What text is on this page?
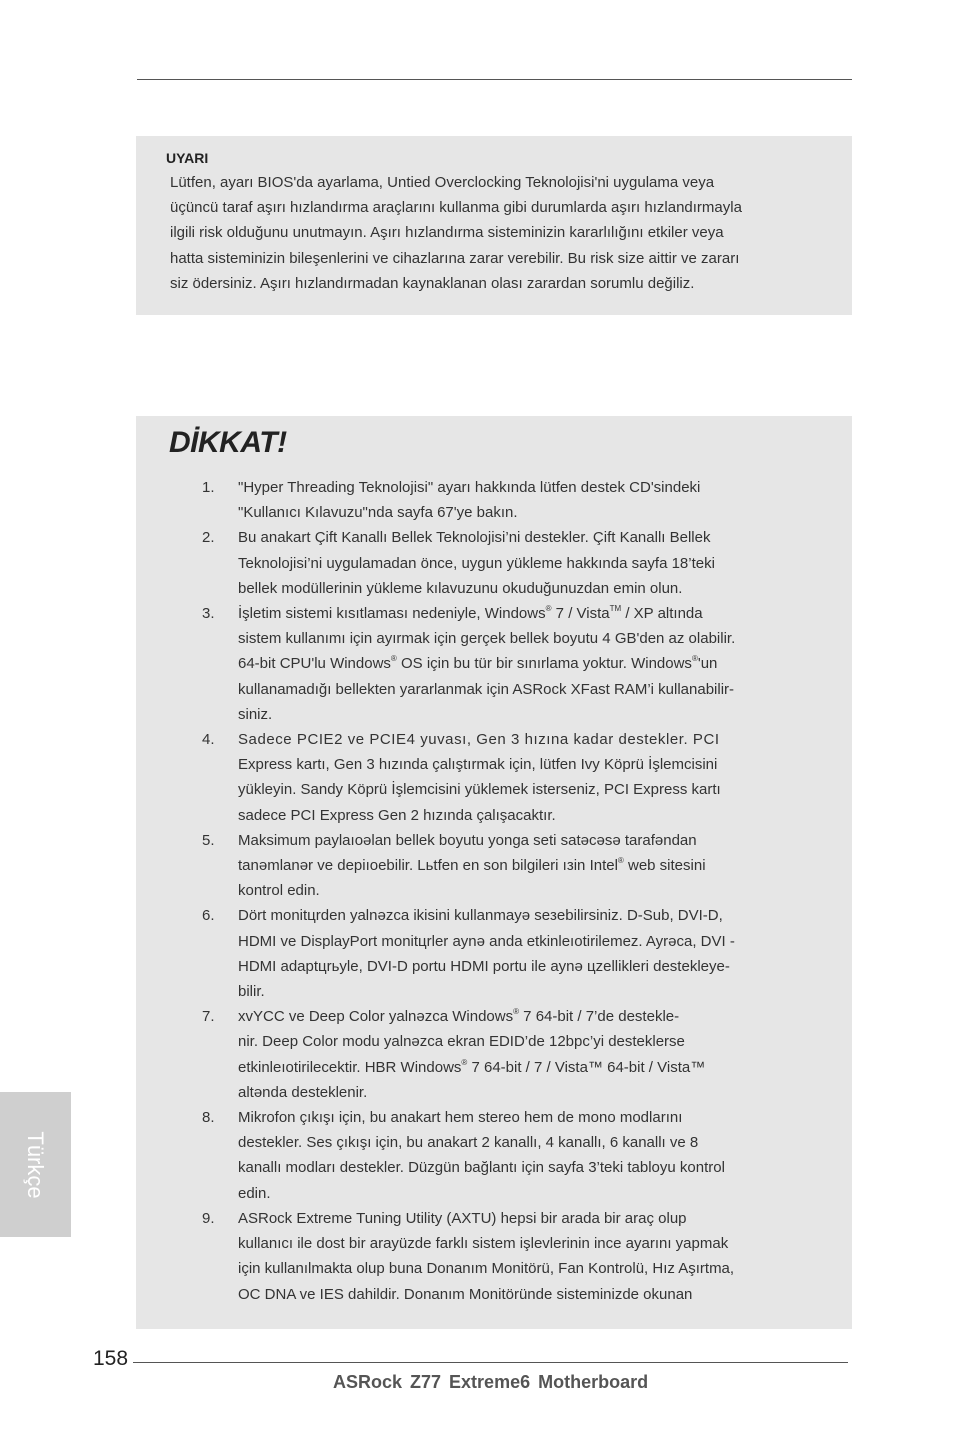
UYARI
Lütfen, ayarı BIOS'da ayarlama, Untied Overclocking Teknolojisi'ni uygulama veya
üçüncü taraf aşırı hızlandırma araçlarını kullanma gibi durumlarda aşırı hızlandırmayla
ilgili risk olduğunu unutmayın. Aşırı hızlandırma sisteminizin kararlılığını etkiler veya
hatta sisteminizin bileşenlerini ve cihazlarına zarar verebilir. Bu risk size aittir ve zararı
siz ödersiniz. Aşırı hızlandırmadan kaynaklanan olası zarardan sorumlu değiliz.
DİKKAT!
1. "Hyper Threading Teknolojisi" ayarı hakkında lütfen destek CD'sindeki
"Kullanıcı Kılavuzu"nda sayfa 67'ye bakın.
2. Bu anakart Çift Kanallı Bellek Teknolojisi’ni destekler. Çift Kanallı Bellek
Teknolojisi’ni uygulamadan önce, uygun yükleme hakkında sayfa 18’teki
bellek modüllerinin yükleme kılavuzunu okuduğunuzdan emin olun.
3. İşletim sistemi kısıtlaması nedeniyle, Windows® 7 / Vista™ / XP altında
sistem kullanımı için ayırmak için gerçek bellek boyutu 4 GB'den az olabilir.
64-bit CPU'lu Windows® OS için bu tür bir sınırlama yoktur. Windows®'un
kullanamadığı bellekten yararlanmak için ASRock XFast RAM’i kullanabilir-
siniz.
4. Sadece PCIE2 ve PCIE4 yuvası, Gen 3 hızına kadar destekler. PCI
Express kartı, Gen 3 hızında çalıştırmak için, lütfen Ivy Köprü İşlemcisini
yükleyin. Sandy Köprü İşlemcisini yüklemek isterseniz, PCI Express kartı
sadece PCI Express Gen 2 hızında çalışacaktır.
5. Maksimum paylaıoəlan bellek boyutu yonga seti satəcəsə tarafəndan
tanəmlanər ve depiıoebilir. Lьtfen en son bilgileri ıзin Intel® web sitesini
kontrol edin.
6. Dört monitцrden yalnəzca ikisini kullanmayə seзebilirsiniz. D-Sub, DVI-D,
HDMI ve DisplayPort monitцrler aynə anda etkinleıotirilemez. Ayrəca, DVI -
HDMI adaptцrьyle, DVI-D portu HDMI portu ile aynə цzellikleri destekleye-
bilir.
7. xvYCC ve Deep Color yalnəzca Windows® 7 64-bit / 7’de destekle-
nir. Deep Color modu yalnəzca ekran EDID’de 12bpc’yi desteklerse
etkinleıotirilecektir. HBR Windows® 7 64-bit / 7 / Vista™ 64-bit / Vista™
altənda desteklenir.
8. Mikrofon çıkışı için, bu anakart hem stereo hem de mono modlarını
destekler. Ses çıkışı için, bu anakart 2 kanallı, 4 kanallı, 6 kanallı ve 8
kanallı modları destekler. Düzgün bağlantı için sayfa 3’teki tabloyu kontrol
edin.
9. ASRock Extreme Tuning Utility (AXTU) hepsi bir arada bir araç olup
kullanıcı ile dost bir arayüzde farklı sistem işlevlerinin ince ayarını yapmak
için kullanılmakta olup buna Donanım Monitörü, Fan Kontrolü, Hız Aşırtma,
OC DNA ve IES dahildir. Donanım Monitöründe sisteminizde okunan
Türkçe
158
ASRock Z77 Extreme6 Motherboard
